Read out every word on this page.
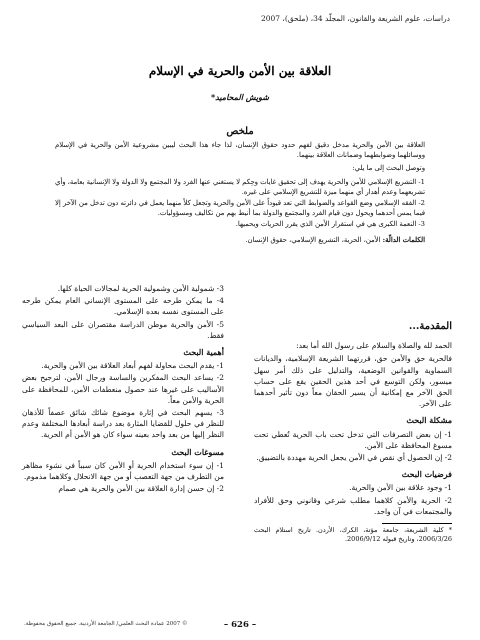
دراسات، علوم الشريعة والقانون، المجلّد 34، (ملحق)، 2007
العلاقة بين الأمن والحرية في الإسلام
شويش المحاميد*
ملخص

العلاقة بين الأمن والحرية مدخل دقيق لفهم حدود حقوق الإنسان، لذا جاء هذا البحث ليبين مشروعية الأمن والحرية في الإسلام ووسائلهما وضوابطهما وضمانات العلاقة بينهما.

وتوصل البحث إلى ما يلي:

1- التشريع الإسلامي للأمن والحرية يهدف إلى تحقيق غايات وحِكم لا يستغني عنها الفرد ولا المجتمع ولا الدولة ولا الإنسانية بعامة، وأي تشريعهما وعدم أهدار أي منهما ميزة للتشريع الإسلامي على غيره.
2- الفقه الإسلامي وضع القواعد والضوابط التي تعد قيوداً على الأمن والحرية وتجعل كلاً منهما يعمل في دائرته دون تدخل من الآخر إلا فيما يمس أحدهما ويحول دون قيام الفرد والمجتمع والدولة بما أنيط بهم من تكاليف ومسؤوليات.
3- النعمة الكبرى هي في استقرار الأمن الذي يقرر الحريات ويحميها.
الكلمات الدالّة: الأمن، الحرية، التشريع الإسلامي، حقوق الإنسان.
المقدمة...

الحمد لله والصلاة والسلام على رسول الله أما بعد:

فالحرية حق والأمن حق، قررتهما الشريعة الإسلامية، والديانات السماوية والقوانين الوضعية، والتدليل على ذلك أمر سهل ميسور، ولكن التوسع في أحد هذين الحقين يقع على حساب الحق الآخر مع إمكانية أن يسير الحقان معاً دون تأثير أحدهما على الآخر.

مشكلة البحث
1- إن بعض التصرفات التي تدخل تحت باب الحرية تُعطي تحت مسوغ المحافظة على الأمن.
2- إن الحصول أي نقص في الأمن يجعل الحرية مهددة بالتضييق.
فرضيات البحث
1- وجود علاقة بين الأمن والحرية.
2- الحرية والأمن كلاهما مطلب شرعي وقانوني وحق للأفراد والمجتمعات في آن واحد.
* كلية الشريعة، جامعة مؤتة، الكرك، الأردن. تاريخ استلام البحث 2006/3/26، وتاريخ قبوله 2006/9/12.
3- شمولية الأمن وشمولية الحرية لمجالات الحياة كلها.
4- ما يمكن طرحه على المستوى الإنساني العام يمكن طرحه على المستوى نفسه بعده الإسلامي.
5- الأمن والحرية موطن الدراسة مقتصران على البعد السياسي فقط.
أهمية البحث
1- يقدم البحث محاولة لفهم أبعاد العلاقة بين الأمن والحرية.
2- يساعد البحث المفكرين والساسة ورجال الأمن، لترجيح بعض الأساليب على غيرها عند حصول منعطفات الأمن، للمحافظة على الحرية والأمن معاً.
3- يسهم البحث في إثارة موضوع شائك شائق عصفاً للأذهان للنظر في حلول للقضايا المثارة بعد دراسة أبعادها المختلفة وعدم النظر إليها من بعد واحد بعينه سواء كان هو الأمن أم الحرية.
مسوغات البحث
1- إن سوء استخدام الحرية أو الأمن كان سبباً في نشوء مظاهر من التطرف من جهة التعصب أو من جهة الانحلال وكلاهما مذموم.
2- إن حسن إدارة العلاقة بين الأمن والحرية هي صمام
© 2007 عمادة البحث العلمي/ الجامعة الأردنية. جميع الحقوق محفوظة.	– 626 –
